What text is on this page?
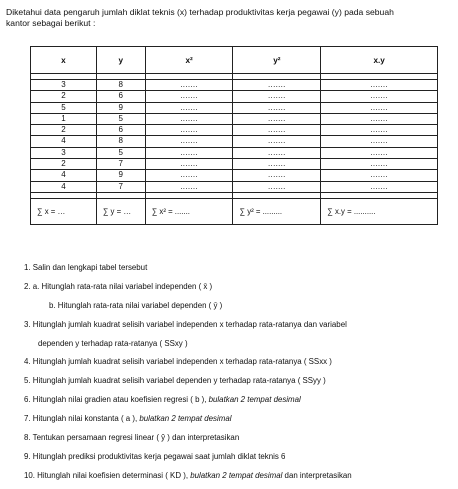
Diketahui data pengaruh jumlah diklat teknis (x) terhadap produktivitas kerja pegawai (y) pada sebuah
kantor sebagai berikut :
x	y	x²	y²	x.y

3	8	.......	.......	.......
2	6	.......	.......	.......
5	9	.......	.......	.......
1	5	.......	.......	.......
2	6	.......	.......	.......
4	8	.......	.......	.......
3	5	.......	.......	.......
2	7	.......	.......	.......
4	9	.......	.......	.......
4	7	.......	.......	.......

∑ x = …	∑ y = …	∑ x² = .......	∑ y² = .........	∑ x.y = ..........
1. Salin dan lengkapi tabel tersebut
2. a. Hitunglah rata-rata nilai variabel independen ( x̄ )
b. Hitunglah rata-rata nilai variabel dependen ( ȳ )
3. Hitunglah jumlah kuadrat selisih variabel independen x terhadap rata-ratanya dan variabel
dependen y terhadap rata-ratanya ( SSxy )
4. Hitunglah jumlah kuadrat selisih variabel independen x terhadap rata-ratanya ( SSxx )
5. Hitunglah jumlah kuadrat selisih variabel dependen y terhadap rata-ratanya ( SSyy )
6. Hitunglah nilai gradien atau koefisien regresi ( b ), bulatkan 2 tempat desimal
7. Hitunglah nilai konstanta ( a ), bulatkan 2 tempat desimal
8. Tentukan persamaan regresi linear ( ŷ ) dan interpretasikan
9. Hitunglah prediksi produktivitas kerja pegawai saat jumlah diklat teknis 6
10. Hitunglah nilai koefisien determinasi ( KD ), bulatkan 2 tempat desimal dan interpretasikan
